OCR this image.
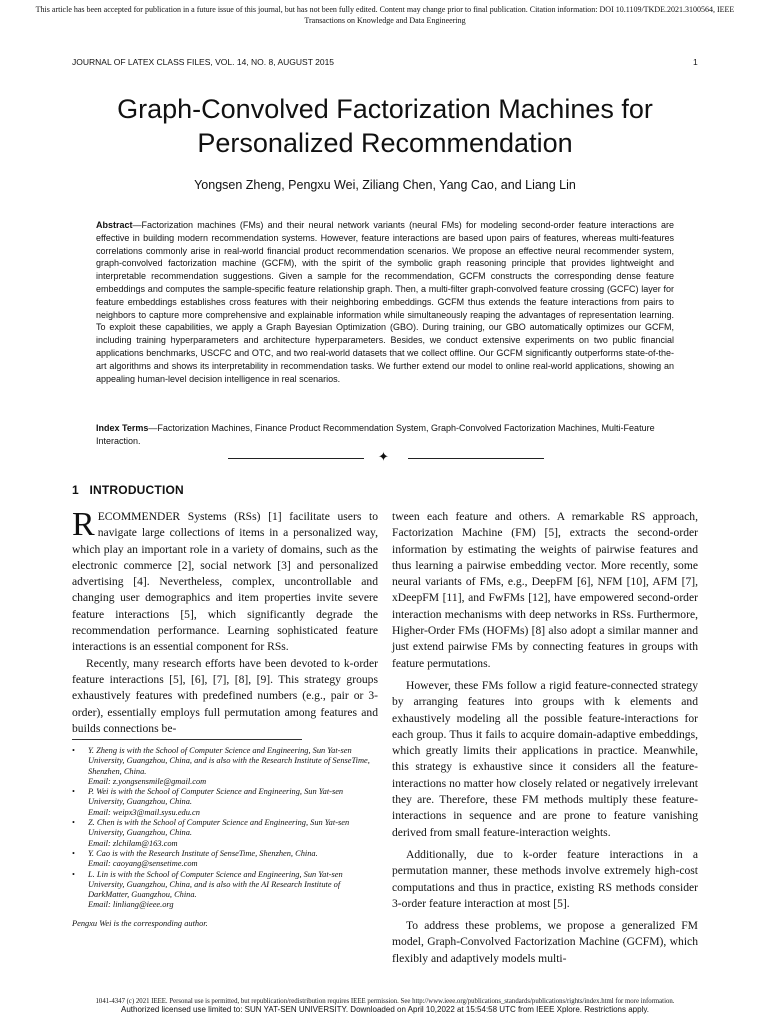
This article has been accepted for publication in a future issue of this journal, but has not been fully edited. Content may change prior to final publication. Citation information: DOI 10.1109/TKDE.2021.3100564, IEEE
Transactions on Knowledge and Data Engineering
JOURNAL OF LATEX CLASS FILES, VOL. 14, NO. 8, AUGUST 2015	1
Graph-Convolved Factorization Machines for
Personalized Recommendation
Yongsen Zheng, Pengxu Wei, Ziliang Chen, Yang Cao, and Liang Lin
Abstract—Factorization machines (FMs) and their neural network variants (neural FMs) for modeling second-order feature interactions are effective in building modern recommendation systems. However, feature interactions are based upon pairs of features, whereas multi-features correlations commonly arise in real-world financial product recommendation scenarios. We propose an effective neural recommender system, graph-convolved factorization machine (GCFM), with the spirit of the symbolic graph reasoning principle that provides lightweight and interpretable recommendation suggestions. Given a sample for the recommendation, GCFM constructs the corresponding dense feature embeddings and computes the sample-specific feature relationship graph. Then, a multi-filter graph-convolved feature crossing (GCFC) layer for feature embeddings establishes cross features with their neighboring embeddings. GCFM thus extends the feature interactions from pairs to neighbors to capture more comprehensive and explainable information while simultaneously reaping the advantages of representation learning. To exploit these capabilities, we apply a Graph Bayesian Optimization (GBO). During training, our GBO automatically optimizes our GCFM, including training hyperparameters and architecture hyperparameters. Besides, we conduct extensive experiments on two public financial applications benchmarks, USCFC and OTC, and two real-world datasets that we collect offline. Our GCFM significantly outperforms state-of-the-art algorithms and shows its interpretability in recommendation tasks. We further extend our model to online real-world applications, showing an appealing human-level decision intelligence in real scenarios.
Index Terms—Factorization Machines, Finance Product Recommendation System, Graph-Convolved Factorization Machines, Multi-Feature Interaction.
✦
1 INTRODUCTION

RECOMMENDER Systems (RSs) [1] facilitate users to navigate large collections of items in a personalized way, which play an important role in a variety of domains, such as the electronic commerce [2], social network [3] and personalized advertising [4]. Nevertheless, complex, uncontrollable and changing user demographics and item properties invite severe feature interactions [5], which significantly degrade the recommendation performance. Learning sophisticated feature interactions is an essential component for RSs.

Recently, many research efforts have been devoted to k-order feature interactions [5], [6], [7], [8], [9]. This strategy groups exhaustively features with predefined numbers (e.g., pair or 3-order), essentially employs full permutation among features and builds connections be-

tween each feature and others. A remarkable RS approach, Factorization Machine (FM) [5], extracts the second-order information by estimating the weights of pairwise features and thus learning a pairwise embedding vector. More recently, some neural variants of FMs, e.g., DeepFM [6], NFM [10], AFM [7], xDeepFM [11], and FwFMs [12], have empowered second-order interaction mechanisms with deep networks in RSs. Furthermore, Higher-Order FMs (HOFMs) [8] also adopt a similar manner and just extend pairwise FMs by connecting features in groups with feature permutations.

However, these FMs follow a rigid feature-connected strategy by arranging features into groups with k elements and exhaustively modeling all the possible feature-interactions for each group. Thus it fails to acquire domain-adaptive embeddings, which greatly limits their applications in practice. Meanwhile, this strategy is exhaustive since it considers all the feature-interactions no matter how closely related or negatively irrelevant they are. Therefore, these FM methods multiply these feature-interactions in sequence and are prone to feature vanishing derived from small feature-interaction weights.

Additionally, due to k-order feature interactions in a permutation manner, these methods involve extremely high-cost computations and thus in practice, existing RS methods consider 3-order feature interaction at most [5].

To address these problems, we propose a generalized FM model, Graph-Convolved Factorization Machine (GCFM), which flexibly and adaptively models multi-

• Y. Zheng is with the School of Computer Science and Engineering, Sun Yat-sen University, Guangzhou, China, and is also with the Research Institute of SenseTime, Shenzhen, China.
Email: z.yongsensmile@gmail.com
• P. Wei is with the School of Computer Science and Engineering, Sun Yat-sen University, Guangzhou, China.
Email: weipx3@mail.sysu.edu.cn
• Z. Chen is with the School of Computer Science and Engineering, Sun Yat-sen University, Guangzhou, China.
Email: zlchilam@163.com
• Y. Cao is with the Research Institute of SenseTime, Shenzhen, China.
Email: caoyang@sensetime.com
• L. Lin is with the School of Computer Science and Engineering, Sun Yat-sen University, Guangzhou, China, and is also with the AI Research Institute of DarkMatter, Guangzhou, China.
Email: linliang@ieee.org
Pengxu Wei is the corresponding author.
1041-4347 (c) 2021 IEEE. Personal use is permitted, but republication/redistribution requires IEEE permission. See http://www.ieee.org/publications_standards/publications/rights/index.html for more information.
Authorized licensed use limited to: SUN YAT-SEN UNIVERSITY. Downloaded on April 10,2022 at 15:54:58 UTC from IEEE Xplore. Restrictions apply.
